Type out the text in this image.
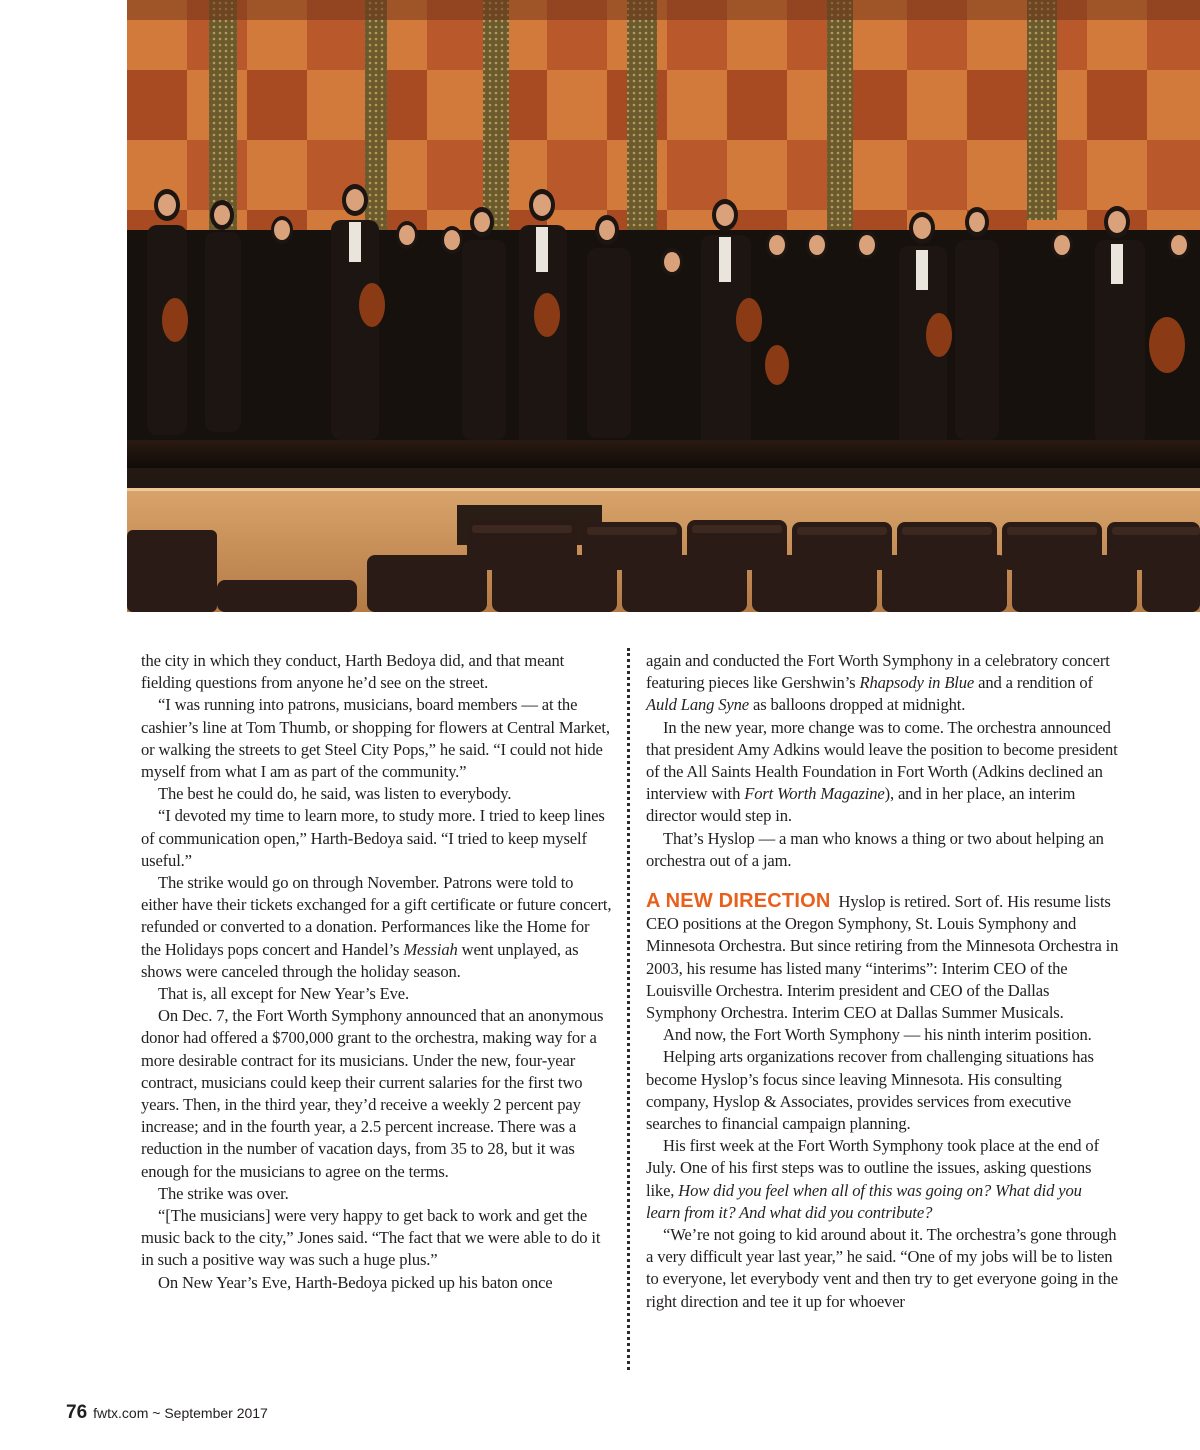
the city in which they conduct, Harth Bedoya did, and that meant fielding questions from anyone he’d see on the street.

“I was running into patrons, musicians, board members — at the cashier’s line at Tom Thumb, or shopping for flowers at Central Market, or walking the streets to get Steel City Pops,” he said. “I could not hide myself from what I am as part of the community.”

The best he could do, he said, was listen to everybody.

“I devoted my time to learn more, to study more. I tried to keep lines of communication open,” Harth-Bedoya said. “I tried to keep myself useful.”

The strike would go on through November. Patrons were told to either have their tickets exchanged for a gift certificate or future concert, refunded or converted to a donation. Performances like the Home for the Holidays pops concert and Handel’s Messiah went unplayed, as shows were canceled through the holiday season.

That is, all except for New Year’s Eve.

On Dec. 7, the Fort Worth Symphony announced that an anonymous donor had offered a $700,000 grant to the orchestra, making way for a more desirable contract for its musicians. Under the new, four-year contract, musicians could keep their current salaries for the first two years. Then, in the third year, they’d receive a weekly 2 percent pay increase; and in the fourth year, a 2.5 percent increase. There was a reduction in the number of vacation days, from 35 to 28, but it was enough for the musicians to agree on the terms.

The strike was over.

“[The musicians] were very happy to get back to work and get the music back to the city,” Jones said. “The fact that we were able to do it in such a positive way was such a huge plus.”

On New Year’s Eve, Harth-Bedoya picked up his baton once

again and conducted the Fort Worth Symphony in a celebratory concert featuring pieces like Gershwin’s Rhapsody in Blue and a rendition of Auld Lang Syne as balloons dropped at midnight.

In the new year, more change was to come. The orchestra announced that president Amy Adkins would leave the position to become president of the All Saints Health Foundation in Fort Worth (Adkins declined an interview with Fort Worth Magazine), and in her place, an interim director would step in.

That’s Hyslop — a man who knows a thing or two about helping an orchestra out of a jam.

A NEW DIRECTION Hyslop is retired. Sort of. His resume lists CEO positions at the Oregon Symphony, St. Louis Symphony and Minnesota Orchestra. But since retiring from the Minnesota Orchestra in 2003, his resume has listed many “interims”: Interim CEO of the Louisville Orchestra. Interim president and CEO of the Dallas Symphony Orchestra. Interim CEO at Dallas Summer Musicals.

And now, the Fort Worth Symphony — his ninth interim position.

Helping arts organizations recover from challenging situations has become Hyslop’s focus since leaving Minnesota. His consulting company, Hyslop & Associates, provides services from executive searches to financial campaign planning.

His first week at the Fort Worth Symphony took place at the end of July. One of his first steps was to outline the issues, asking questions like, How did you feel when all of this was going on? What did you learn from it? And what did you contribute?

“We’re not going to kid around about it. The orchestra’s gone through a very difficult year last year,” he said. “One of my jobs will be to listen to everyone, let everybody vent and then try to get everyone going in the right direction and tee it up for whoever

76 fwtx.com ~ September 2017
